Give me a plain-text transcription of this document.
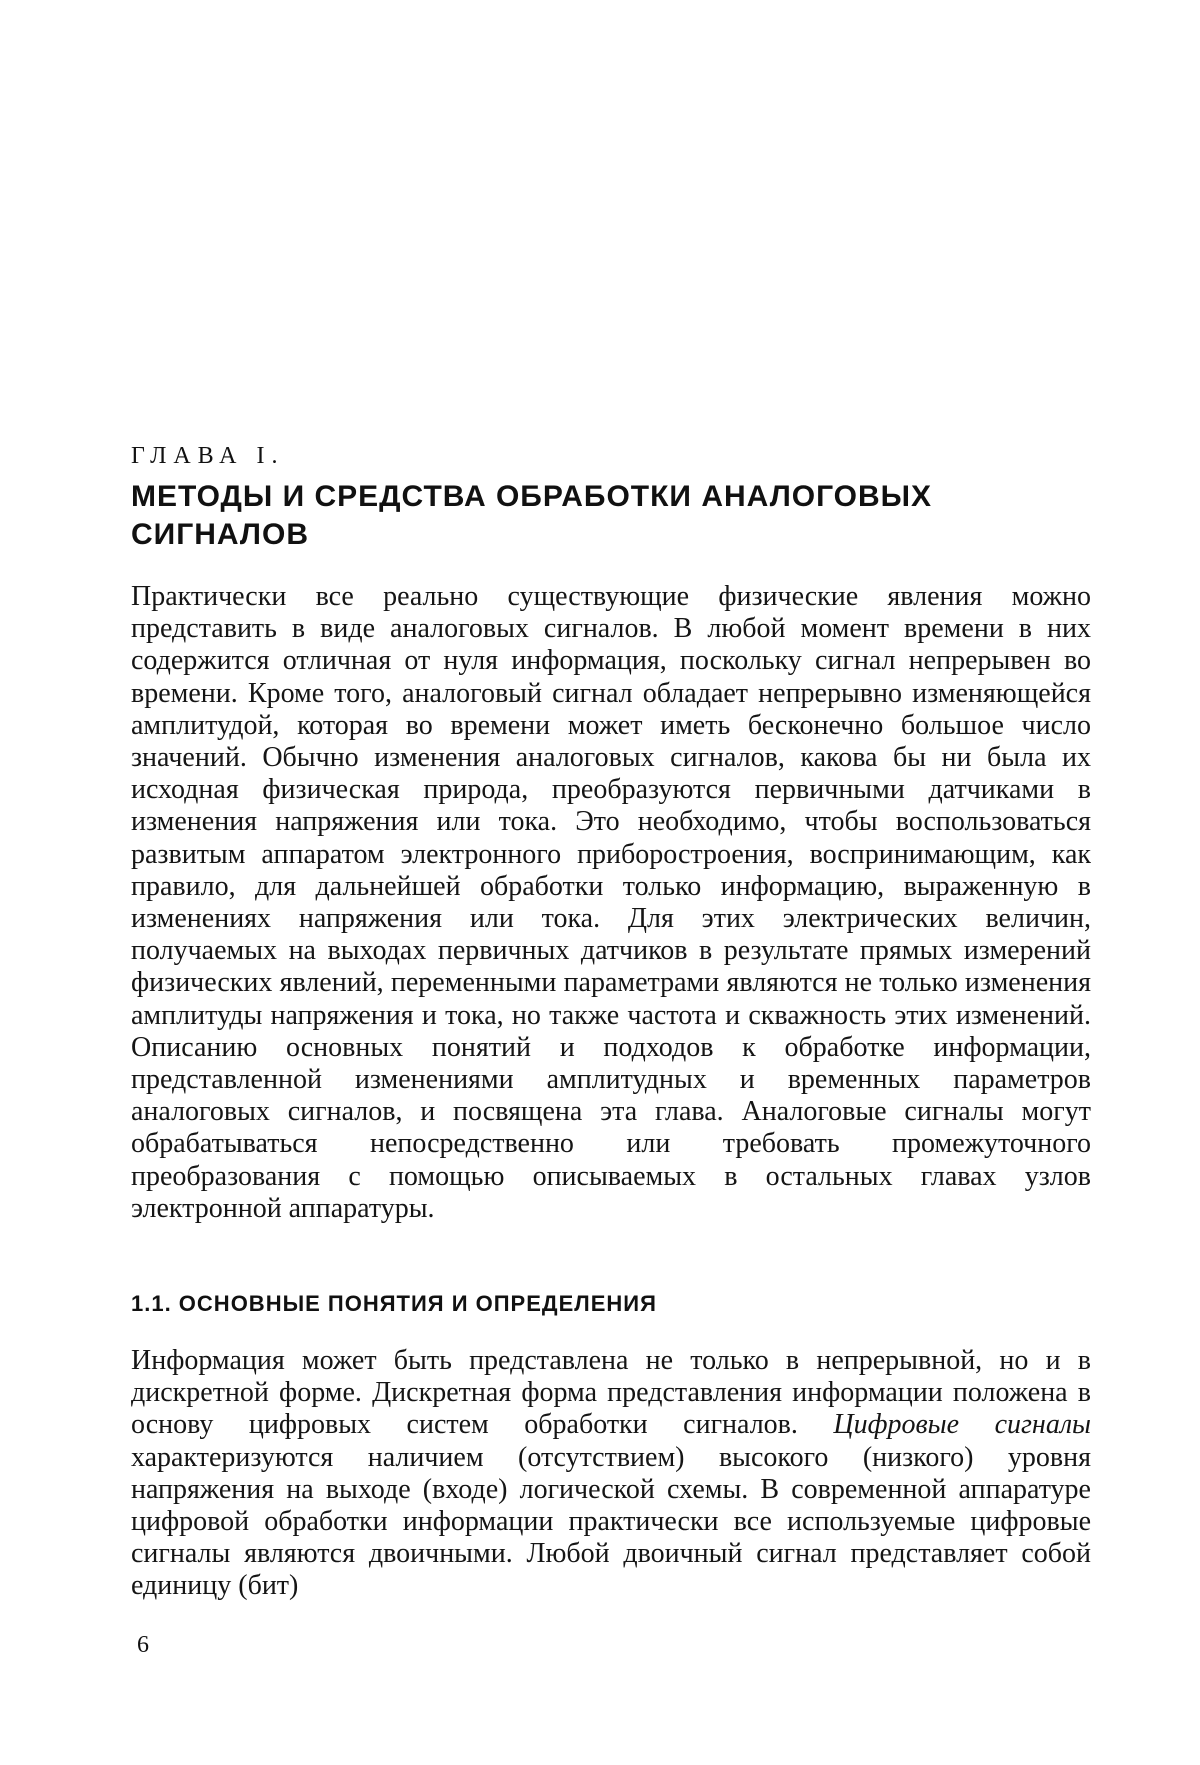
ГЛАВА I.

МЕТОДЫ И СРЕДСТВА ОБРАБОТКИ АНАЛОГОВЫХ СИГНАЛОВ

Практически все реально существующие физические явления можно представить в виде аналоговых сигналов. В любой момент времени в них содержится отличная от нуля информация, поскольку сигнал непрерывен во времени. Кроме того, аналоговый сигнал обладает непрерывно изменяющейся амплитудой, которая во времени может иметь бесконечно большое число значений. Обычно изменения аналоговых сигналов, какова бы ни была их исходная физическая природа, преобразуются первичными датчиками в изменения напряжения или тока. Это необходимо, чтобы воспользоваться развитым аппаратом электронного приборостроения, воспринимающим, как правило, для дальнейшей обработки только информацию, выраженную в изменениях напряжения или тока. Для этих электрических величин, получаемых на выходах первичных датчиков в результате прямых измерений физических явлений, переменными параметрами являются не только изменения амплитуды напряжения и тока, но также частота и скважность этих изменений. Описанию основных понятий и подходов к обработке информации, представленной изменениями амплитудных и временных параметров аналоговых сигналов, и посвящена эта глава. Аналоговые сигналы могут обрабатываться непосредственно или требовать промежуточного преобразования с помощью описываемых в остальных главах узлов электронной аппаратуры.

1.1. ОСНОВНЫЕ ПОНЯТИЯ И ОПРЕДЕЛЕНИЯ

Информация может быть представлена не только в непрерывной, но и в дискретной форме. Дискретная форма представления информации положена в основу цифровых систем обработки сигналов. Цифровые сигналы характеризуются наличием (отсутствием) высокого (низкого) уровня напряжения на выходе (входе) логической схемы. В современной аппаратуре цифровой обработки информации практически все используемые цифровые сигналы являются двоичными. Любой двоичный сигнал представляет собой единицу (бит)

6
